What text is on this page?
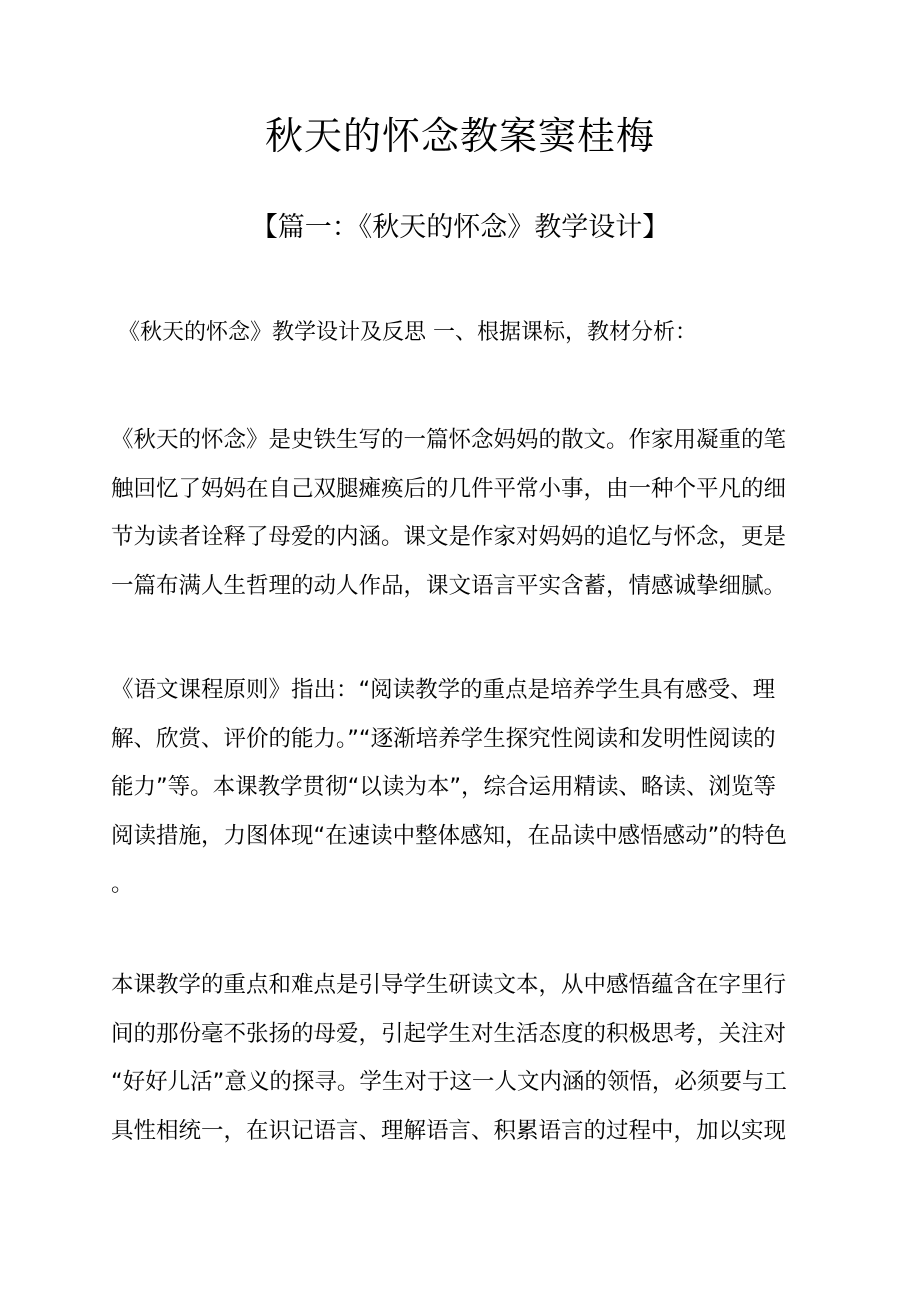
秋天的怀念教案窦桂梅
【篇一：《秋天的怀念》教学设计】

《秋天的怀念》教学设计及反思 一、根据课标，教材分析：

《秋天的怀念》是史铁生写的一篇怀念妈妈的散文。作家用凝重的笔
触回忆了妈妈在自己双腿瘫痪后的几件平常小事，由一种个平凡的细
节为读者诠释了母爱的内涵。课文是作家对妈妈的追忆与怀念，更是
一篇布满人生哲理的动人作品，课文语言平实含蓄，情感诚挚细腻。
《语文课程原则》指出：“阅读教学的重点是培养学生具有感受、理
解、欣赏、评价的能力。”“逐渐培养学生探究性阅读和发明性阅读的
能力”等。本课教学贯彻“以读为本”，综合运用精读、略读、浏览等
阅读措施，力图体现“在速读中整体感知，在品读中感悟感动”的特色
。
本课教学的重点和难点是引导学生研读文本，从中感悟蕴含在字里行
间的那份毫不张扬的母爱，引起学生对生活态度的积极思考，关注对
“好好儿活”意义的探寻。学生对于这一人文内涵的领悟，必须要与工
具性相统一，在识记语言、理解语言、积累语言的过程中，加以实现
